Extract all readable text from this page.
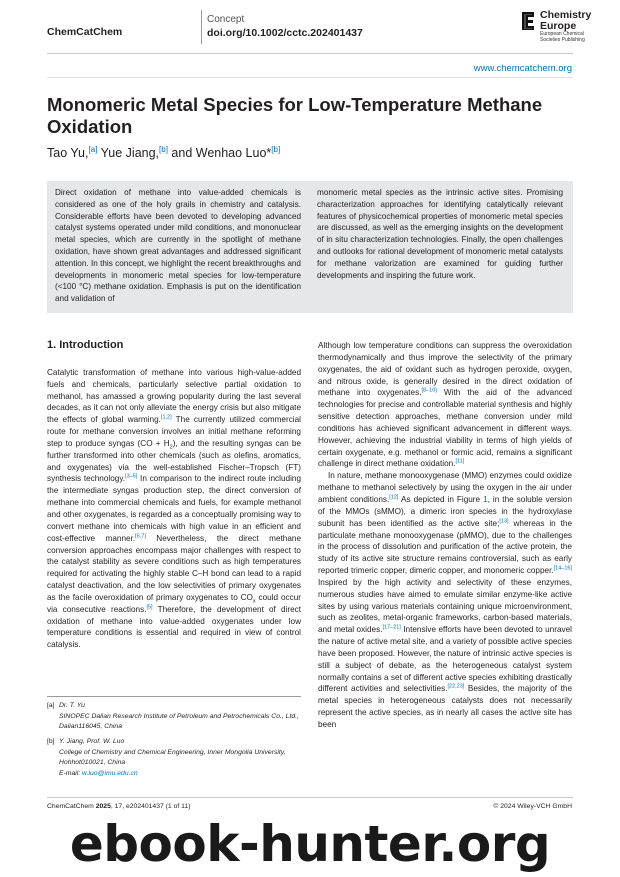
ChemCatChem
Concept
doi.org/10.1002/cctc.202401437
Chemistry
Europe
European Chemical
Societies Publishing
www.chemcatchem.org
Monomeric Metal Species for Low-Temperature Methane Oxidation
Tao Yu,[a] Yue Jiang,[b] and Wenhao Luo*[b]
Direct oxidation of methane into value-added chemicals is considered as one of the holy grails in chemistry and catalysis. Considerable efforts have been devoted to developing advanced catalyst systems operated under mild conditions, and mononuclear metal species, which are currently in the spotlight of methane oxidation, have shown great advantages and addressed significant attention. In this concept, we highlight the recent breakthroughs and developments in monomeric metal species for low-temperature (<100 °C) methane oxidation. Emphasis is put on the identification and validation of
monomeric metal species as the intrinsic active sites. Promising characterization approaches for identifying catalytically relevant features of physicochemical properties of monomeric metal species are discussed, as well as the emerging insights on the development of in situ characterization technologies. Finally, the open challenges and outlooks for rational development of monomeric metal catalysts for methane valorization are examined for guiding further developments and inspiring the future work.

1. Introduction

Catalytic transformation of methane into various high-value-added fuels and chemicals, particularly selective partial oxidation to methanol, has amassed a growing popularity during the last several decades, as it can not only alleviate the energy crisis but also mitigate the effects of global warming.[1,2] The currently utilized commercial route for methane conversion involves an initial methane reforming step to produce syngas $(CO + H_2)$, and the resulting syngas can be further transformed into other chemicals (such as olefins, aromatics, and oxygenates) via the well-established Fischer–Tropsch (FT) synthesis technology.[3–5] In comparison to the indirect route including the intermediate syngas production step, the direct conversion of methane into commercial chemicals and fuels, for example methanol and other oxygenates, is regarded as a conceptually promising way to convert methane into chemicals with high value in an efficient and cost-effective manner.[6,7] Nevertheless, the direct methane conversion approaches encompass major challenges with respect to the catalyst stability as severe conditions such as high temperatures required for activating the highly stable C–H bond can lead to a rapid catalyst deactivation, and the low selectivities of primary oxygenates as the facile overoxidation of primary oxygenates to $CO_x$ could occur via consecutive reactions.[5] Therefore, the development of direct oxidation of methane into value-added oxygenates under low temperature conditions is essential and required in view of control catalysis.

Although low temperature conditions can suppress the overoxidation thermodynamically and thus improve the selectivity of the primary oxygenates, the aid of oxidant such as hydrogen peroxide, oxygen, and nitrous oxide, is generally desired in the direct oxidation of methane into oxygenates.[8–10] With the aid of the advanced technologies for precise and controllable material synthesis and highly sensitive detection approaches, methane conversion under mild conditions has achieved significant advancement in different ways. However, achieving the industrial viability in terms of high yields of certain oxygenate, e.g. methanol or formic acid, remains a significant challenge in direct methane oxidation.[11]

In nature, methane monooxygenase (MMO) enzymes could oxidize methane to methanol selectively by using the oxygen in the air under ambient conditions.[12] As depicted in Figure 1, in the soluble version of the MMOs (sMMO), a dimeric iron species in the hydroxylase subunit has been identified as the active site;[13] whereas in the particulate methane monooxygenase (pMMO), due to the challenges in the process of dissolution and purification of the active protein, the study of its active site structure remains controversial, such as early reported trimeric copper, dimeric copper, and monomeric copper.[14–16] Inspired by the high activity and selectivity of these enzymes, numerous studies have aimed to emulate similar enzyme-like active sites by using various materials containing unique microenvironment, such as zeolites, metal-organic frameworks, carbon-based materials, and metal oxides.[17–21] Intensive efforts have been devoted to unravel the nature of active metal site, and a variety of possible active species have been proposed. However, the nature of intrinsic active species is still a subject of debate, as the heterogeneous catalyst system normally contains a set of different active species exhibiting drastically different activities and selectivities.[22,23] Besides, the majority of the metal species in heterogeneous catalysts does not necessarily represent the active species, as in nearly all cases the active site has been

[a] Dr. T. Yu
SINOPEC Dalian Research Institute of Petroleum and Petrochemicals Co., Ltd., Dalian116045, China
[b] Y. Jiang, Prof. W. Luo
College of Chemistry and Chemical Engineering, Inner Mongolia University, Hohhot010021, China
E-mail: w.luo@imu.edu.cn
ChemCatChem 2025, 17, e202401437 (1 of 11)	© 2024 Wiley-VCH GmbH
ebook-hunter.org
